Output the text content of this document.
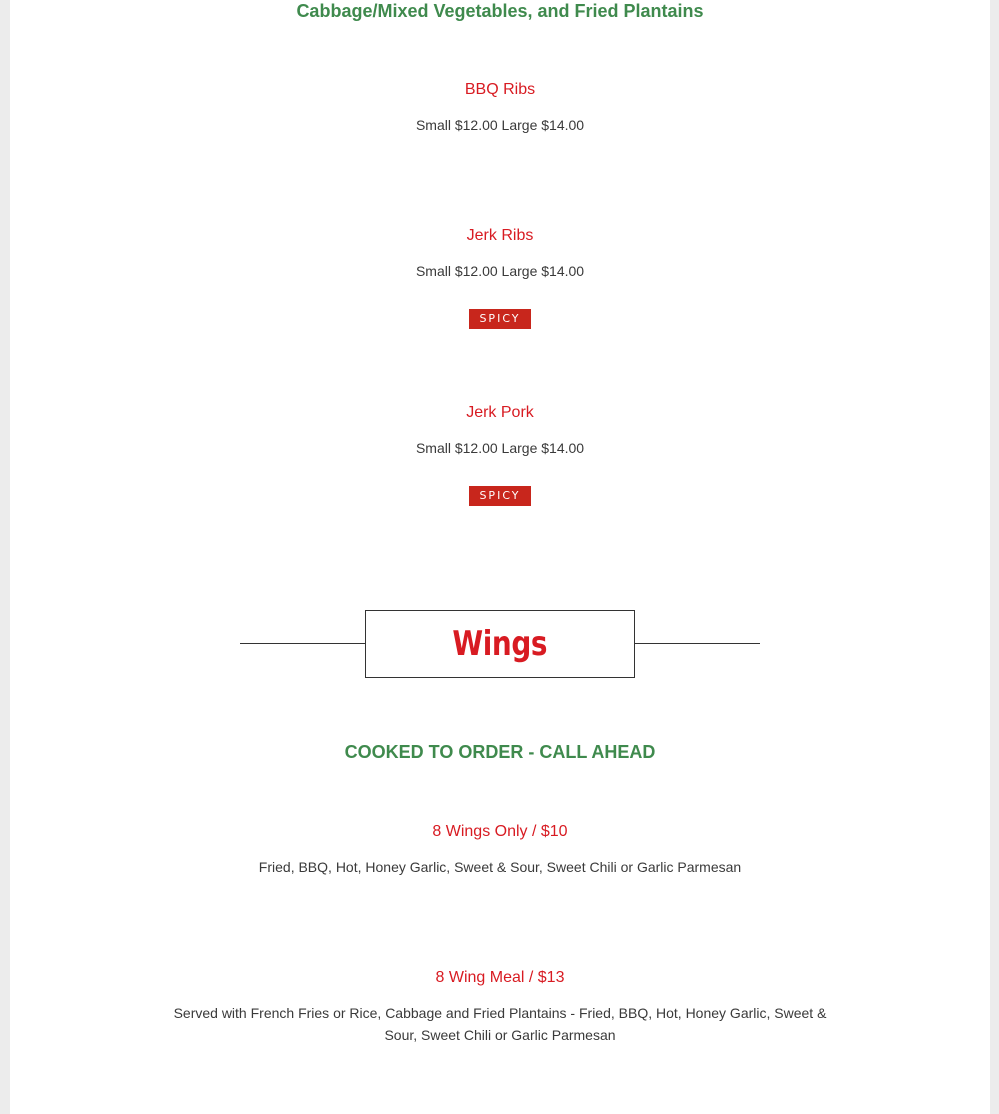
Cabbage/Mixed Vegetables, and Fried Plantains
BBQ Ribs
Small $12.00 Large $14.00
Jerk Ribs
Small $12.00 Large $14.00
SPICY
Jerk Pork
Small $12.00 Large $14.00
SPICY
Wings
COOKED TO ORDER - CALL AHEAD
8 Wings Only / $10
Fried, BBQ, Hot, Honey Garlic, Sweet & Sour, Sweet Chili or Garlic Parmesan
8 Wing Meal / $13
Served with French Fries or Rice, Cabbage and Fried Plantains - Fried, BBQ, Hot, Honey Garlic, Sweet & Sour, Sweet Chili or Garlic Parmesan
